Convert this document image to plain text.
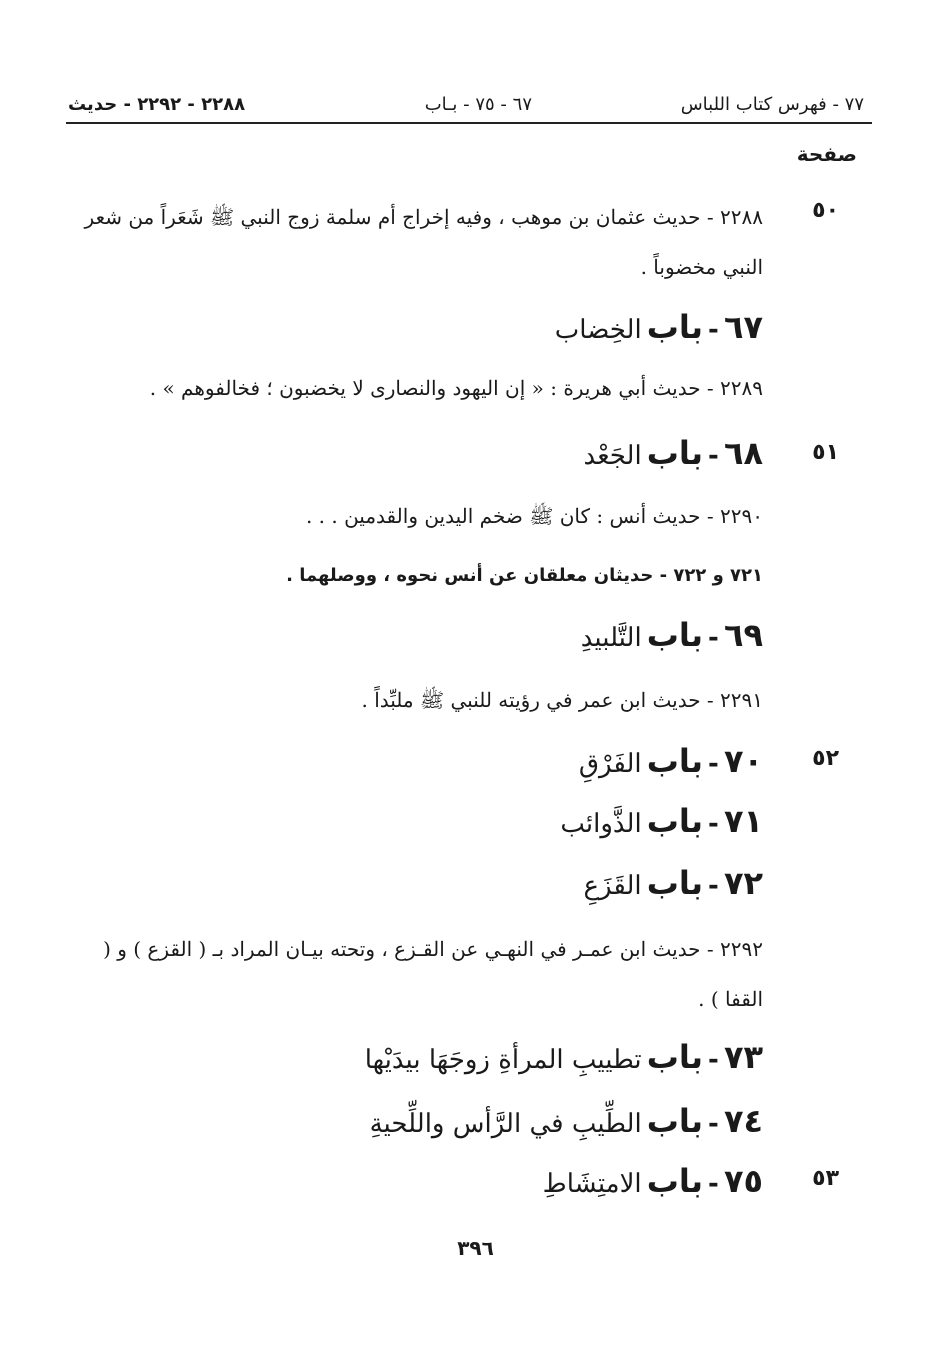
٧٧ - فهرس كتاب اللباس
٦٧ - ٧٥ - بـاب
٢٢٨٨ - ٢٢٩٢ - حديث
صفحة
٥٠
٥١
٥٢
٥٣
٢٢٨٨ - حديث عثمان بن موهب ، وفيه إخراج أم سلمة زوج النبي ﷺ شَعَراً من شعر النبي مخضوباً .
٦٧ - باب الخِضاب
٢٢٨٩ - حديث أبي هريرة : « إن اليهود والنصارى لا يخضبون ؛ فخالفوهم » .
٦٨ - باب الجَعْد
٢٢٩٠ - حديث أنس : كان ﷺ ضخم اليدين والقدمين . . .
٧٢١ و ٧٢٢ - حديثان معلقان عن أنس نحوه ، ووصلهما .
٦٩ - باب التَّلبيدِ
٢٢٩١ - حديث ابن عمر في رؤيته للنبي ﷺ ملبِّداً .
٧٠ - باب الفَرْقِ
٧١ - باب الذَّوائب
٧٢ - باب القَزَعِ
٢٢٩٢ - حديث ابن عمـر في النهـي عن القـزع ، وتحته بيـان المراد بـ ( القزع ) و ( القفا ) .
٧٣ - باب تطييبِ المرأةِ زوجَهَا بيدَيْها
٧٤ - باب الطِّيبِ في الرَّأس واللِّحيةِ
٧٥ - باب الامتِشَاطِ
٣٩٦
